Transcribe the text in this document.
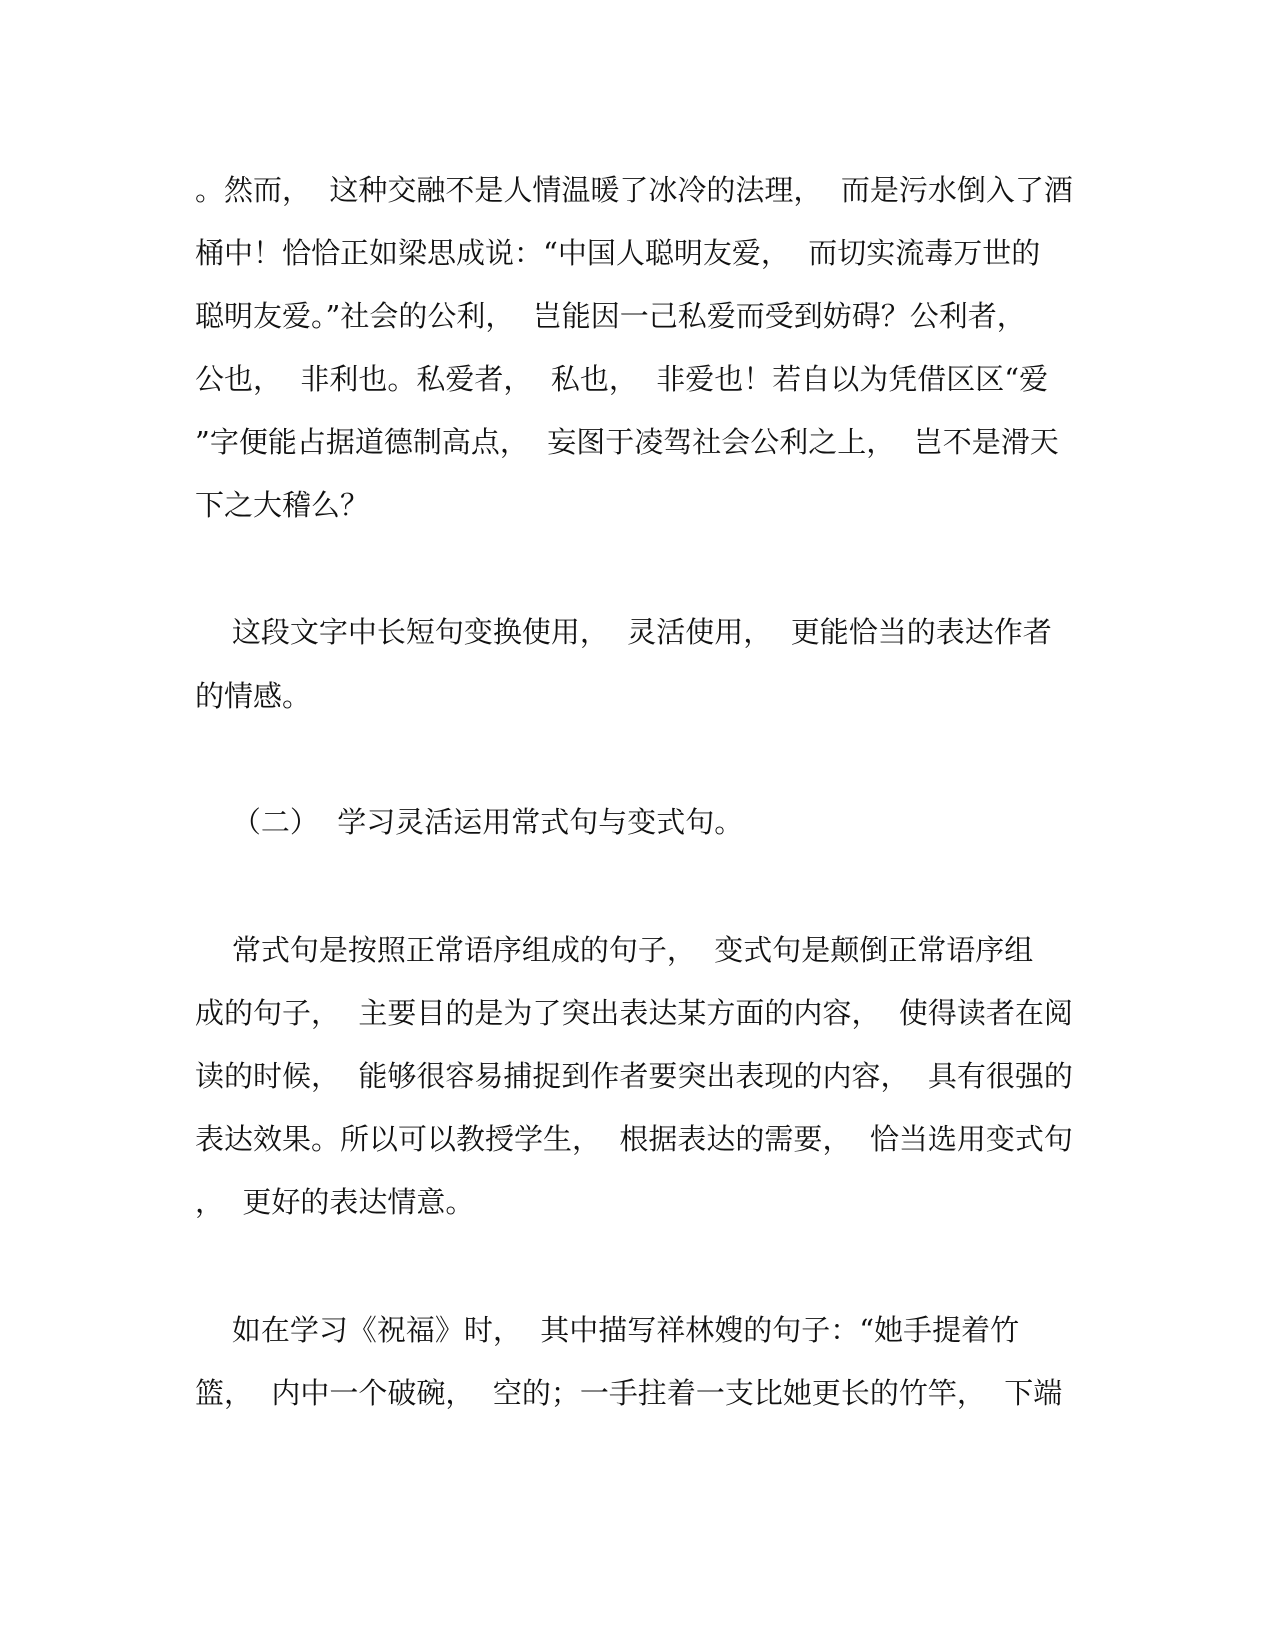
。然而，  这种交融不是人情温暖了冰冷的法理，  而是污水倒入了酒

桶中！恰恰正如梁思成说：“中国人聪明友爱，  而切实流毒万世的

聪明友爱。”社会的公利，  岂能因一己私爱而受到妨碍？公利者，

公也，  非利也。私爱者，  私也，  非爱也！若自以为凭借区区“爱

”字便能占据道德制高点，  妄图于凌驾社会公利之上，  岂不是滑天

下之大稽么？

这段文字中长短句变换使用，  灵活使用，  更能恰当的表达作者

的情感。

（二）  学习灵活运用常式句与变式句。

常式句是按照正常语序组成的句子，  变式句是颠倒正常语序组

成的句子，  主要目的是为了突出表达某方面的内容，  使得读者在阅

读的时候，  能够很容易捕捉到作者要突出表现的内容，  具有很强的

表达效果。所以可以教授学生，  根据表达的需要，  恰当选用变式句

，  更好的表达情意。

如在学习《祝福》时，  其中描写祥林嫂的句子：“她手提着竹

篮，  内中一个破碗，  空的；一手拄着一支比她更长的竹竿，  下端
